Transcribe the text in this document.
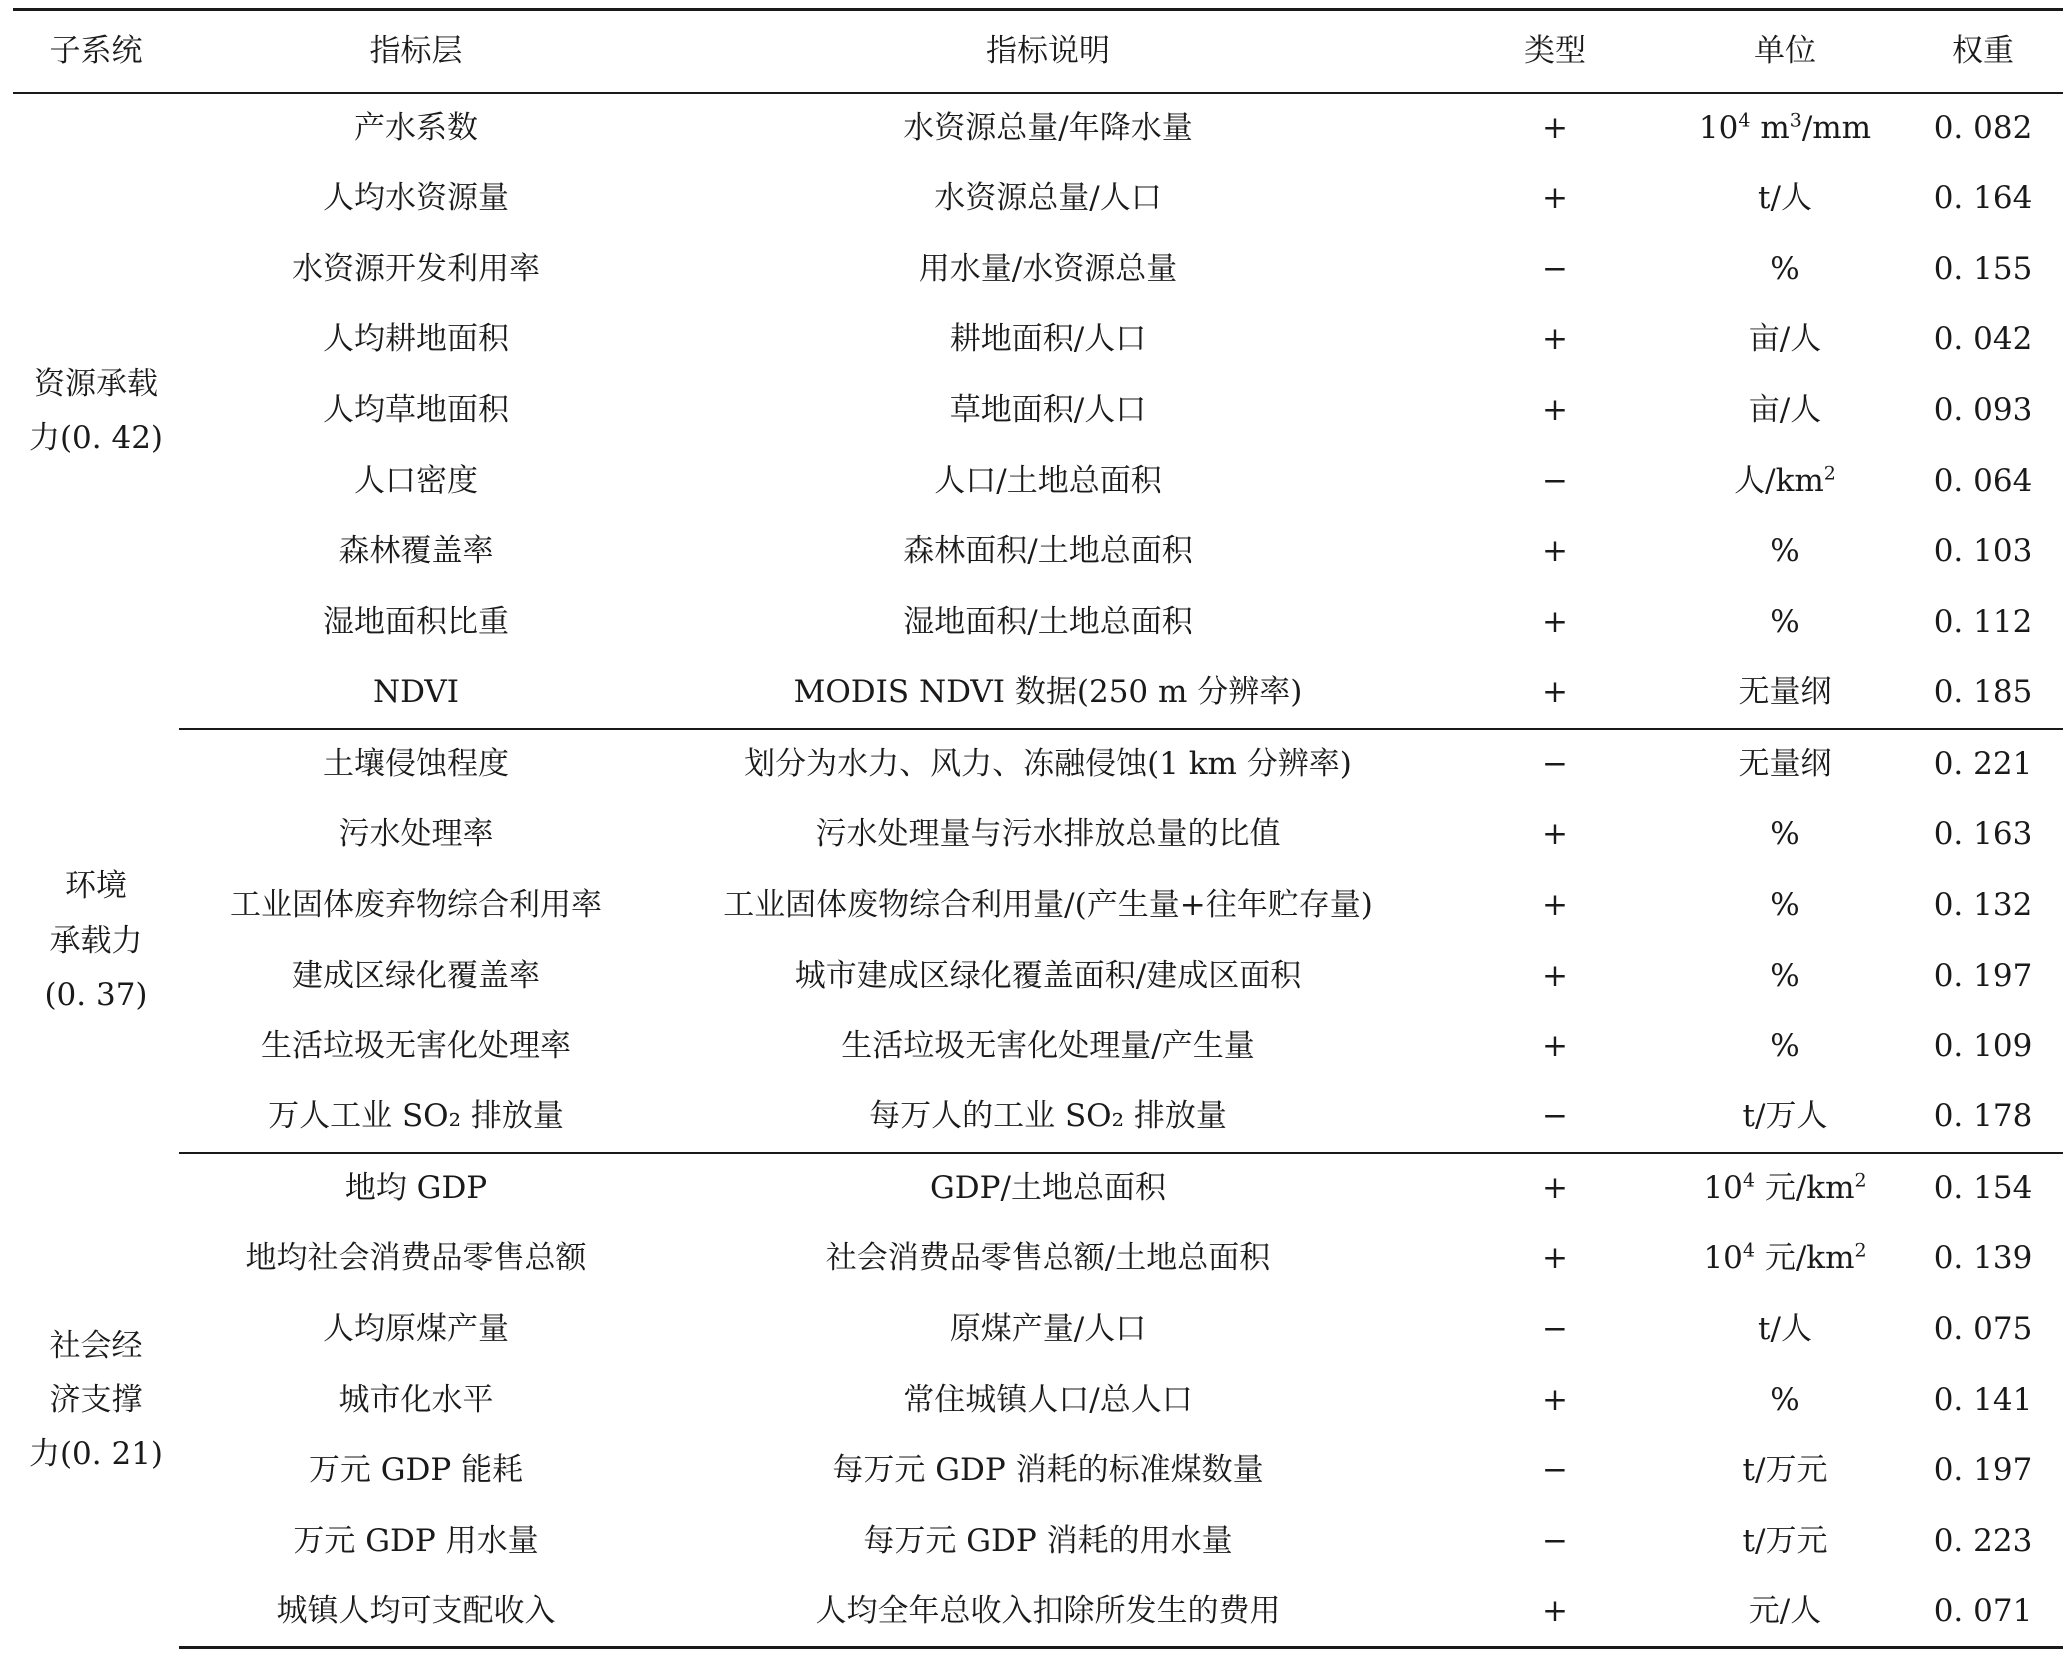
子系统	指标层	指标说明	类型	单位	权重

资源承载
力(0. 42)	产水系数	水资源总量/年降水量	+	$10^4$ $m^3/mm$	0. 082
	人均水资源量	水资源总量/人口	+	t/人	0. 164
	水资源开发利用率	用水量/水资源总量	−	%	0. 155
	人均耕地面积	耕地面积/人口	+	亩/人	0. 042
	人均草地面积	草地面积/人口	+	亩/人	0. 093
	人口密度	人口/土地总面积	−	人$/km^2$	0. 064
	森林覆盖率	森林面积/土地总面积	+	%	0. 103
	湿地面积比重	湿地面积/土地总面积	+	%	0. 112
	NDVI	MODIS NDVI 数据(250 m 分辨率)	+	无量纲	0. 185

环境
承载力
(0. 37)	土壤侵蚀程度	划分为水力、风力、冻融侵蚀(1 km 分辨率)	−	无量纲	0. 221
	污水处理率	污水处理量与污水排放总量的比值	+	%	0. 163
	工业固体废弃物综合利用率	工业固体废物综合利用量/(产生量+往年贮存量)	+	%	0. 132
	建成区绿化覆盖率	城市建成区绿化覆盖面积/建成区面积	+	%	0. 197
	生活垃圾无害化处理率	生活垃圾无害化处理量/产生量	+	%	0. 109
	万人工业 SO₂ 排放量	每万人的工业 SO₂ 排放量	−	t/万人	0. 178

社会经
济支撑
力(0. 21)	地均 GDP	GDP/土地总面积	+	$10^4$ 元$/km^2$	0. 154
	地均社会消费品零售总额	社会消费品零售总额/土地总面积	+	$10^4$ 元$/km^2$	0. 139
	人均原煤产量	原煤产量/人口	−	t/人	0. 075
	城市化水平	常住城镇人口/总人口	+	%	0. 141
	万元 GDP 能耗	每万元 GDP 消耗的标准煤数量	−	t/万元	0. 197
	万元 GDP 用水量	每万元 GDP 消耗的用水量	−	t/万元	0. 223
	城镇人均可支配收入	人均全年总收入扣除所发生的费用	+	元/人	0. 071
